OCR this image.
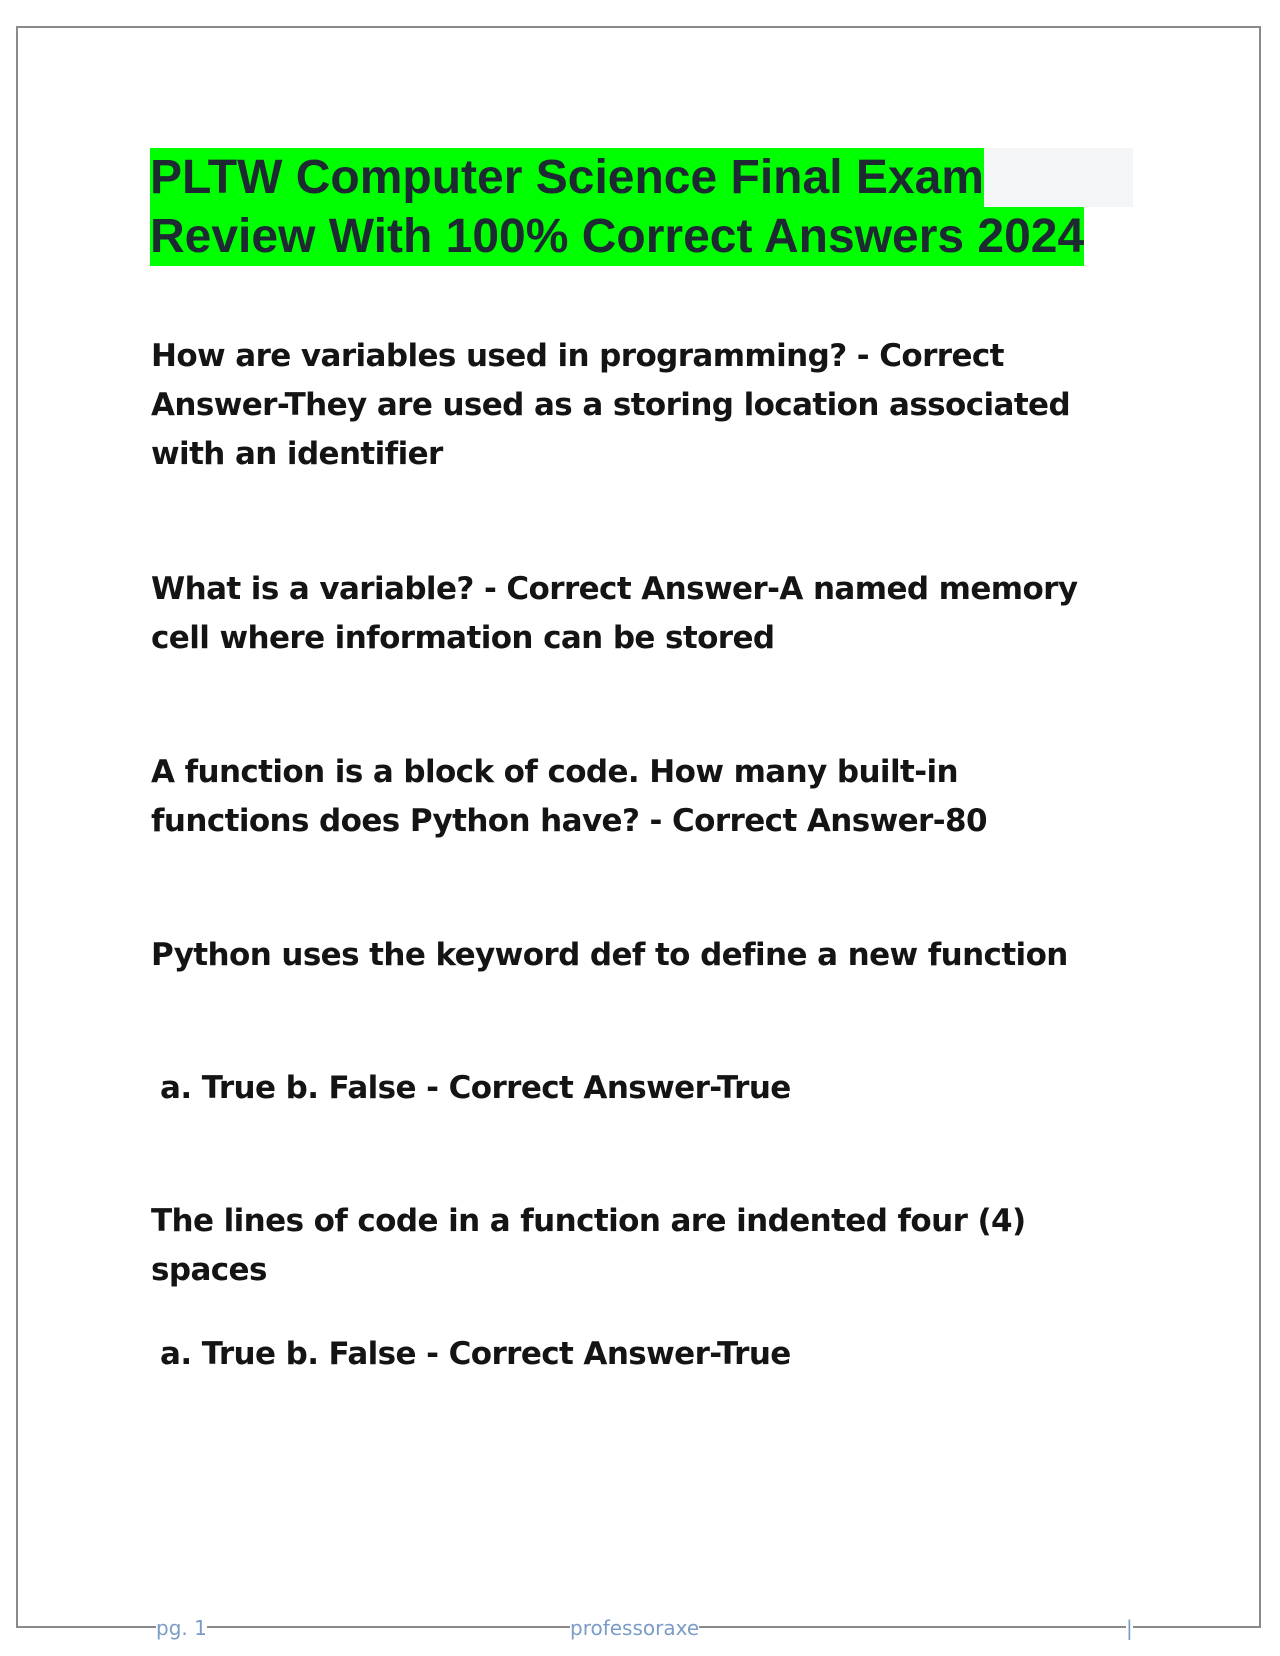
PLTW Computer Science Final Exam
Review With 100% Correct Answers 2024

How are variables used in programming? - Correct Answer-They are used as a storing location associated with an identifier

What is a variable? - Correct Answer-A named memory cell where information can be stored

A function is a block of code. How many built-in functions does Python have? - Correct Answer-80

Python uses the keyword def to define a new function

a. True b. False - Correct Answer-True

The lines of code in a function are indented four (4) spaces

a. True b. False - Correct Answer-True

pg. 1	professoraxe	|
